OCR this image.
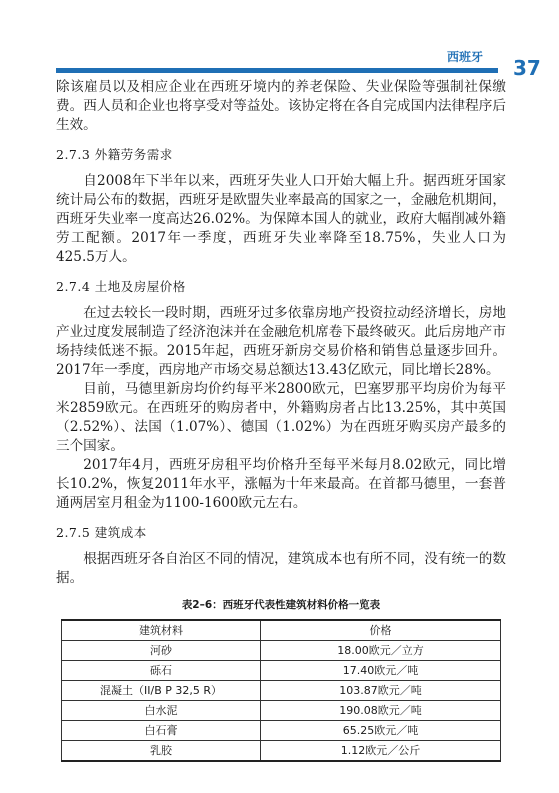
西班牙 37

除该雇员以及相应企业在西班牙境内的养老保险、失业保险等强制社保缴费。西人员和企业也将享受对等益处。该协定将在各自完成国内法律程序后生效。

2.7.3 外籍劳务需求

自2008年下半年以来，西班牙失业人口开始大幅上升。据西班牙国家统计局公布的数据，西班牙是欧盟失业率最高的国家之一，金融危机期间，西班牙失业率一度高达26.02%。为保障本国人的就业，政府大幅削减外籍劳工配额。2017年一季度，西班牙失业率降至18.75%，失业人口为425.5万人。

2.7.4 土地及房屋价格

在过去较长一段时期，西班牙过多依靠房地产投资拉动经济增长，房地产业过度发展制造了经济泡沫并在金融危机席卷下最终破灭。此后房地产市场持续低迷不振。2015年起，西班牙新房交易价格和销售总量逐步回升。2017年一季度，西房地产市场交易总额达13.43亿欧元，同比增长28%。

目前，马德里新房均价约每平米2800欧元，巴塞罗那平均房价为每平米2859欧元。在西班牙的购房者中，外籍购房者占比13.25%，其中英国（2.52%）、法国（1.07%）、德国（1.02%）为在西班牙购买房产最多的三个国家。

2017年4月，西班牙房租平均价格升至每平米每月8.02欧元，同比增长10.2%，恢复2011年水平，涨幅为十年来最高。在首都马德里，一套普通两居室月租金为1100-1600欧元左右。

2.7.5 建筑成本

根据西班牙各自治区不同的情况，建筑成本也有所不同，没有统一的数据。

表2–6：西班牙代表性建筑材料价格一览表
建筑材料	价格
河砂	18.00欧元／立方
砾石	17.40欧元／吨
混凝土（II/B P 32,5 R）	103.87欧元／吨
白水泥	190.08欧元／吨
白石膏	65.25欧元／吨
乳胶	1.12欧元／公斤
